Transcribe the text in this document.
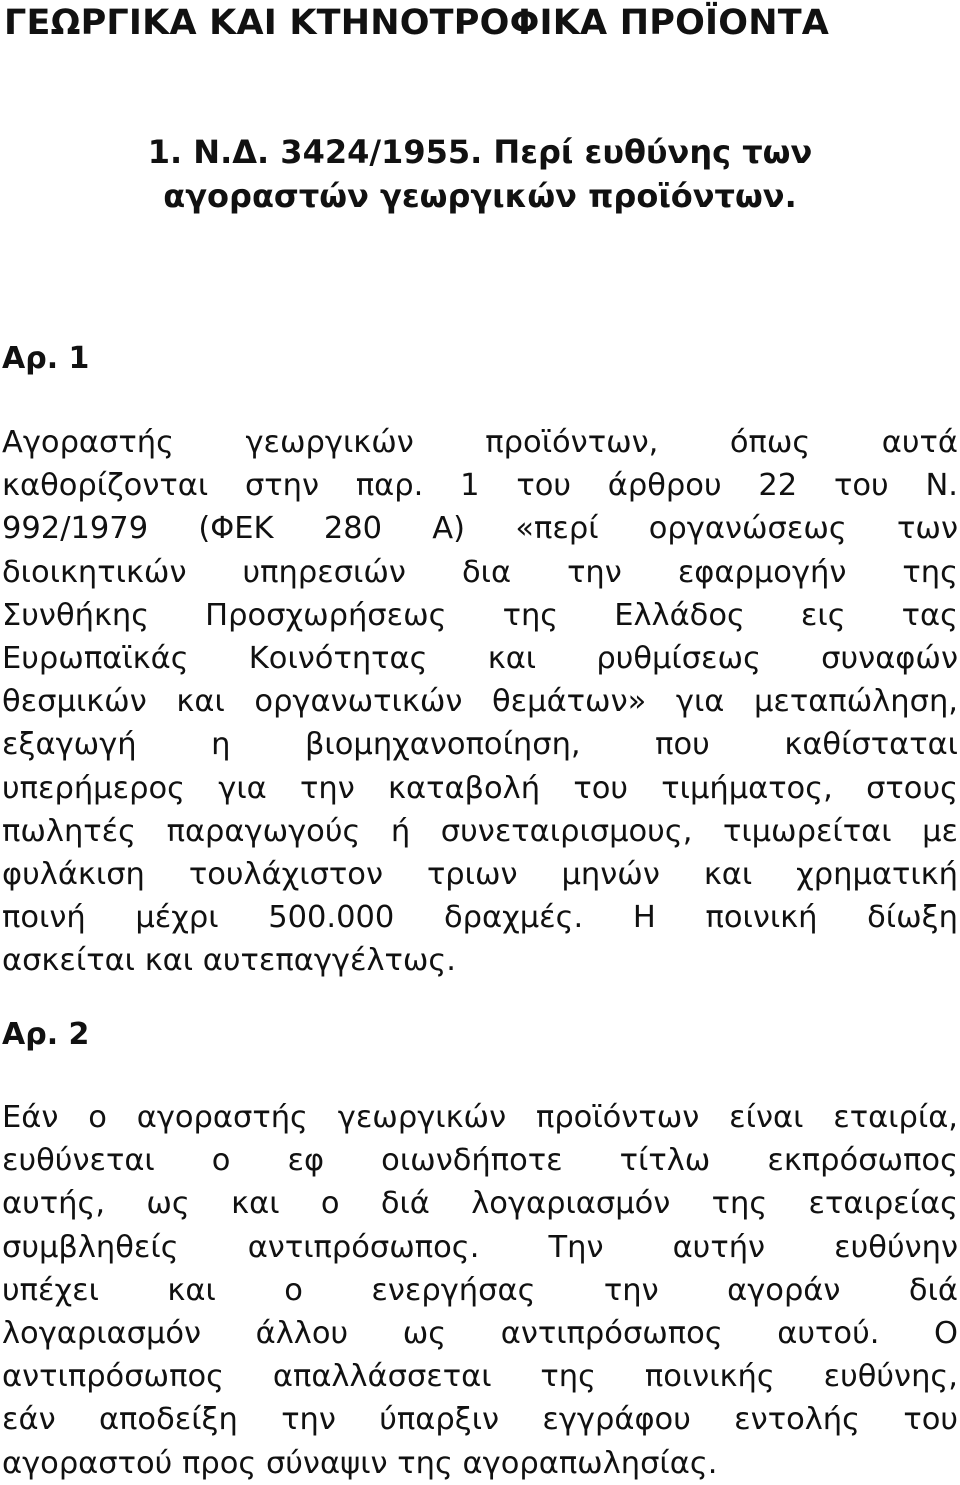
ΓΕΩΡΓΙΚΑ ΚΑΙ ΚΤΗΝΟΤΡΟΦΙΚΑ ΠΡΟΪΟΝΤΑ
1. Ν.Δ. 3424/1955. Περί ευθύνης των
αγοραστών γεωργικών προϊόντων.
Αρ. 1
Αγοραστής γεωργικών προϊόντων, όπως αυτά
καθορίζονται στην παρ. 1 του άρθρου 22 του Ν.
992/1979 (ΦΕΚ 280 Α) «περί οργανώσεως των
διοικητικών υπηρεσιών δια την εφαρμογήν της
Συνθήκης Προσχωρήσεως της Ελλάδος εις τας
Ευρωπαϊκάς Κοινότητας και ρυθμίσεως συναφών
θεσμικών και οργανωτικών θεμάτων» για μεταπώληση,
εξαγωγή η βιομηχανοποίηση, που καθίσταται
υπερήμερος για την καταβολή του τιμήματος, στους
πωλητές παραγωγούς ή συνεταιρισμους, τιμωρείται με
φυλάκιση τουλάχιστον τριων μηνών και χρηματική
ποινή μέχρι 500.000 δραχμές. Η ποινική δίωξη
ασκείται και αυτεπαγγέλτως.
Αρ. 2
Εάν ο αγοραστής γεωργικών προϊόντων είναι εταιρία,
ευθύνεται ο εφ οιωνδήποτε τίτλω εκπρόσωπος
αυτής, ως και ο διά λογαριασμόν της εταιρείας
συμβληθείς αντιπρόσωπος. Την αυτήν ευθύνην
υπέχει και ο ενεργήσας την αγοράν διά
λογαριασμόν άλλου ως αντιπρόσωπος αυτού. Ο
αντιπρόσωπος απαλλάσσεται της ποινικής ευθύνης,
εάν αποδείξη την ύπαρξιν εγγράφου εντολής του
αγοραστού προς σύναψιν της αγοραπωλησίας.
